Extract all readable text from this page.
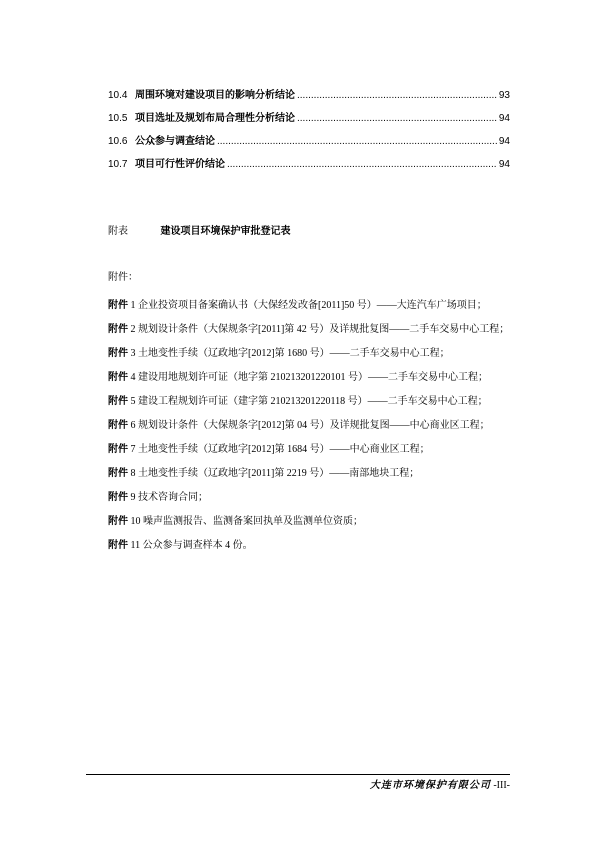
10.4 周围环境对建设项目的影响分析结论 .....	93
10.5 项目选址及规划布局合理性分析结论 .....	94
10.6 公众参与调查结论 .....	94
10.7 项目可行性评价结论 .....	94
附表	建设项目环境保护审批登记表
附件：

附件 1 企业投资项目备案确认书（大保经发改备[2011]50 号）——大连汽车广场项目；

附件 2 规划设计条件（大保规条字[2011]第 42 号）及详规批复图——二手车交易中心工程；

附件 3 土地变性手续（辽政地字[2012]第 1680 号）——二手车交易中心工程；

附件 4 建设用地规划许可证（地字第 210213201220101 号）——二手车交易中心工程；

附件 5 建设工程规划许可证（建字第 210213201220118 号）——二手车交易中心工程；

附件 6 规划设计条件（大保规条字[2012]第 04 号）及详规批复图——中心商业区工程；

附件 7 土地变性手续（辽政地字[2012]第 1684 号）——中心商业区工程；

附件 8 土地变性手续（辽政地字[2011]第 2219 号）——南部地块工程；

附件 9 技术咨询合同；

附件 10 噪声监测报告、监测备案回执单及监测单位资质；

附件 11 公众参与调查样本 4 份。

大连市环境保护有限公司 -III-
